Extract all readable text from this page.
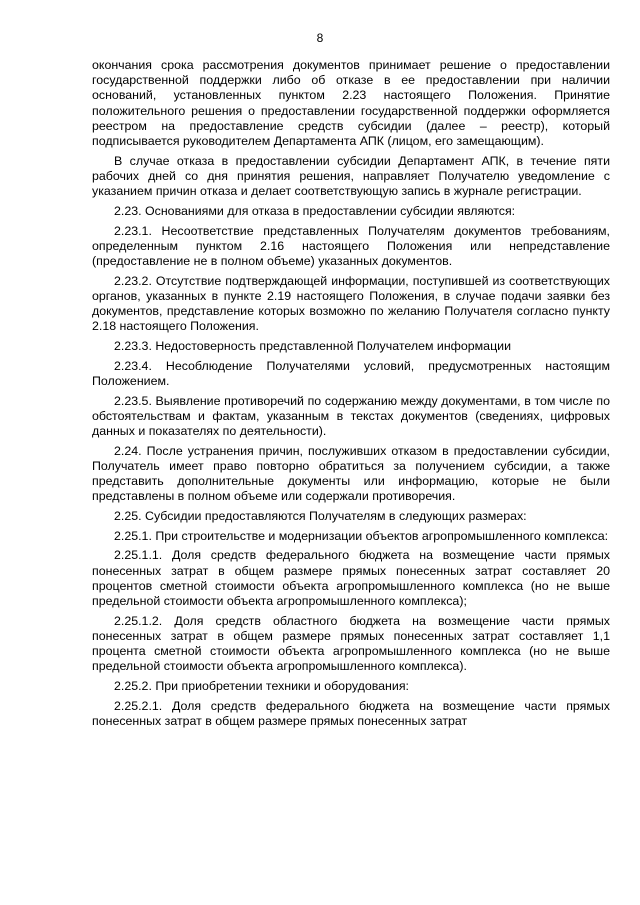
8

окончания срока рассмотрения документов принимает решение о предоставлении государственной поддержки либо об отказе в ее предоставлении при наличии оснований, установленных пунктом 2.23 настоящего Положения. Принятие положительного решения о предоставлении государственной поддержки оформляется реестром на предоставление средств субсидии (далее – реестр), который подписывается руководителем Департамента АПК (лицом, его замещающим).

В случае отказа в предоставлении субсидии Департамент АПК, в течение пяти рабочих дней со дня принятия решения, направляет Получателю уведомление с указанием причин отказа и делает соответствующую запись в журнале регистрации.

2.23. Основаниями для отказа в предоставлении субсидии являются:

2.23.1. Несоответствие представленных Получателям документов требованиям, определенным пунктом 2.16 настоящего Положения или непредставление (предоставление не в полном объеме) указанных документов.

2.23.2. Отсутствие подтверждающей информации, поступившей из соответствующих органов, указанных в пункте 2.19 настоящего Положения, в случае подачи заявки без документов, представление которых возможно по желанию Получателя согласно пункту 2.18 настоящего Положения.

2.23.3. Недостоверность представленной Получателем информации

2.23.4. Несоблюдение Получателями условий, предусмотренных настоящим Положением.

2.23.5. Выявление противоречий по содержанию между документами, в том числе по обстоятельствам и фактам, указанным в текстах документов (сведениях, цифровых данных и показателях по деятельности).

2.24. После устранения причин, послуживших отказом в предоставлении субсидии, Получатель имеет право повторно обратиться за получением субсидии, а также представить дополнительные документы или информацию, которые не были представлены в полном объеме или содержали противоречия.

2.25. Субсидии предоставляются Получателям в следующих размерах:

2.25.1. При строительстве и модернизации объектов агропромышленного комплекса:

2.25.1.1. Доля средств федерального бюджета на возмещение части прямых понесенных затрат в общем размере прямых понесенных затрат составляет 20 процентов сметной стоимости объекта агропромышленного комплекса (но не выше предельной стоимости объекта агропромышленного комплекса);

2.25.1.2. Доля средств областного бюджета на возмещение части прямых понесенных затрат в общем размере прямых понесенных затрат составляет 1,1 процента сметной стоимости объекта агропромышленного комплекса (но не выше предельной стоимости объекта агропромышленного комплекса).

2.25.2. При приобретении техники и оборудования:

2.25.2.1. Доля средств федерального бюджета на возмещение части прямых понесенных затрат в общем размере прямых понесенных затрат
